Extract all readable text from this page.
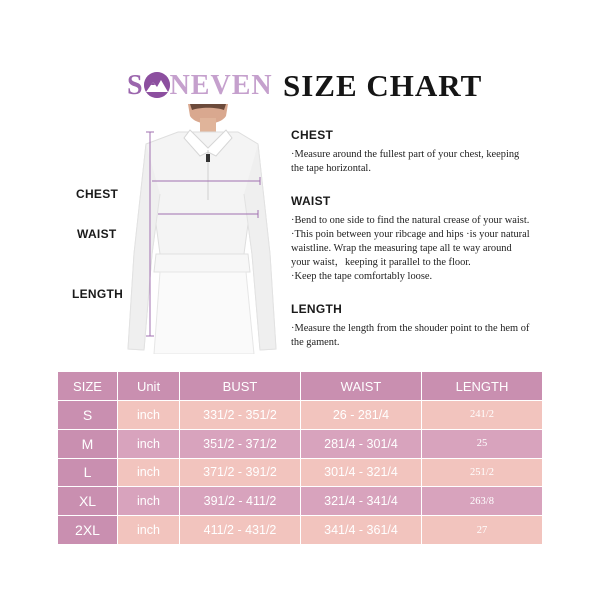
S NEVEN SIZE CHART
CHEST
WAIST
LENGTH
CHEST
·Measure around the fullest part of your chest, keeping
the tape horizontal.
WAIST
·Bend to one side to find the natural crease of your waist.
·This poin between your ribcage and hips ·is your natural
waistline. Wrap the measuring tape all te way around
your waist，keeping it parallel to the floor.
·Keep the tape comfortably loose.
LENGTH
·Measure the length from the shouder point to the hem of
the gament.
SIZE	Unit	BUST	WAIST	LENGTH
S	inch	331/2 - 351/2	26 - 281/4	241/2
M	inch	351/2 - 371/2	281/4 - 301/4	25
L	inch	371/2 - 391/2	301/4 - 321/4	251/2
XL	inch	391/2 - 411/2	321/4 - 341/4	263/8
2XL	inch	411/2 - 431/2	341/4 - 361/4	27
